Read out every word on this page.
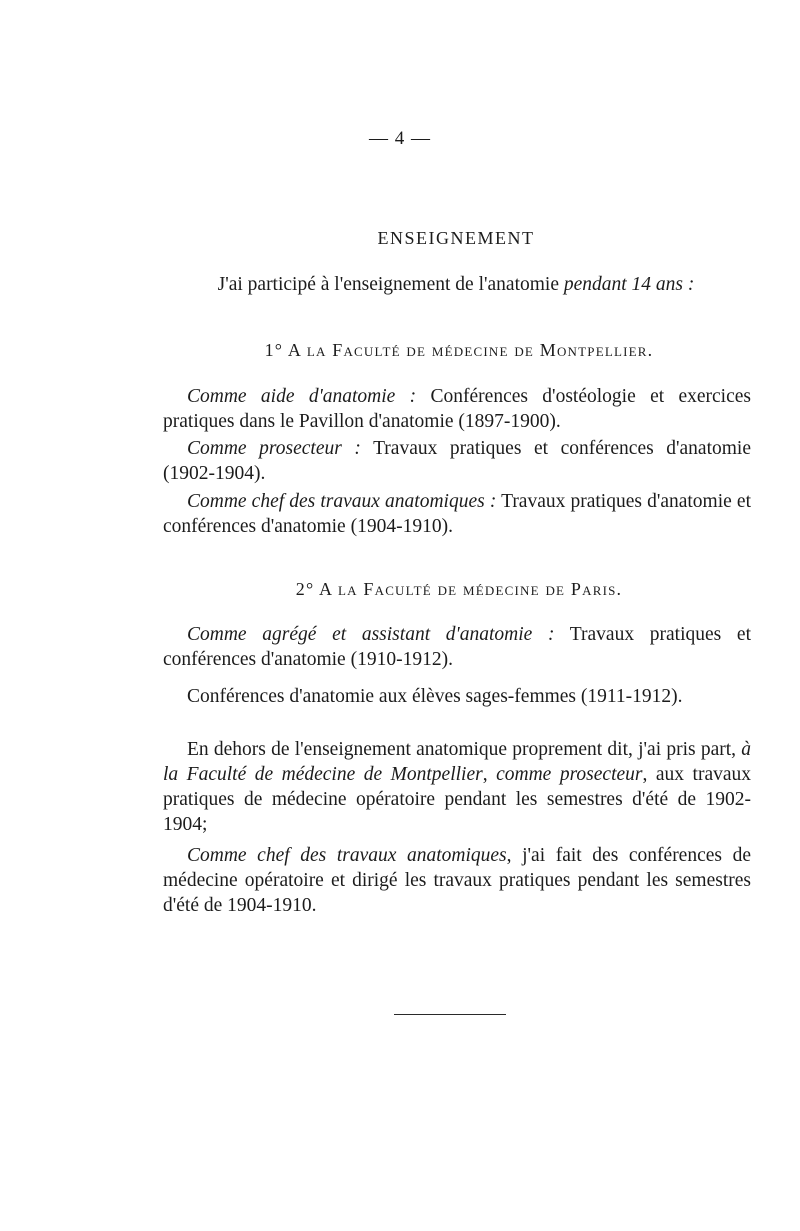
— 4 —
ENSEIGNEMENT
J'ai participé à l'enseignement de l'anatomie pendant 14 ans :
1° A la Faculté de médecine de Montpellier.

Comme aide d'anatomie : Conférences d'ostéologie et exercices pratiques dans le Pavillon d'anatomie (1897-1900).

Comme prosecteur : Travaux pratiques et conférences d'anatomie (1902-1904).

Comme chef des travaux anatomiques : Travaux pratiques d'anatomie et conférences d'anatomie (1904-1910).

2° A la Faculté de médecine de Paris.

Comme agrégé et assistant d'anatomie : Travaux pratiques et conférences d'anatomie (1910-1912).

Conférences d'anatomie aux élèves sages-femmes (1911-1912).

En dehors de l'enseignement anatomique proprement dit, j'ai pris part, à la Faculté de médecine de Montpellier, comme prosecteur, aux travaux pratiques de médecine opératoire pendant les semestres d'été de 1902-1904;

Comme chef des travaux anatomiques, j'ai fait des conférences de médecine opératoire et dirigé les travaux pratiques pendant les semestres d'été de 1904-1910.
